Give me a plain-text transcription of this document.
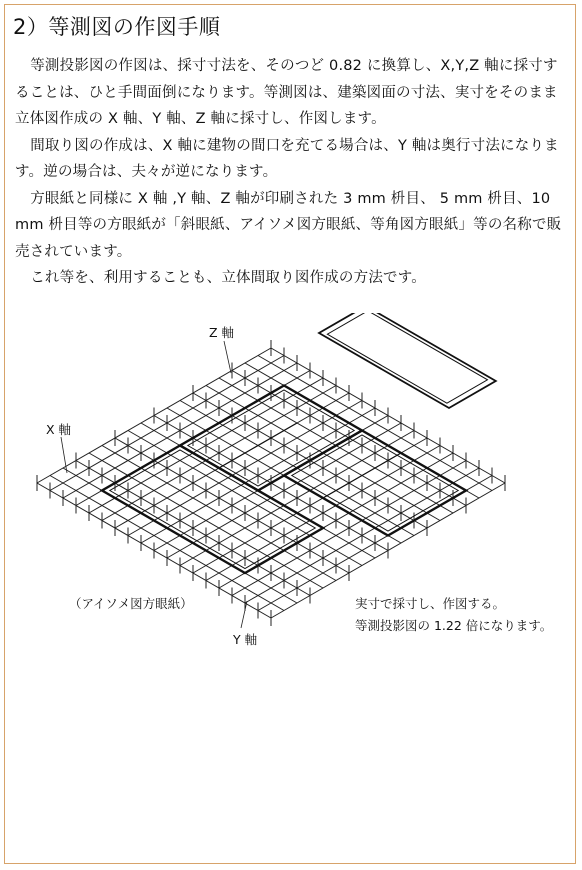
2）等測図の作図手順

等測投影図の作図は、採寸寸法を、そのつど 0.82 に換算し、X,Y,Z 軸に採寸することは、ひと手間面倒になります。等測図は、建築図面の寸法、実寸をそのまま立体図作成の X 軸、Y 軸、Z 軸に採寸し、作図します。

間取り図の作成は、X 軸に建物の間口を充てる場合は、Y 軸は奥行寸法になります。逆の場合は、夫々が逆になります。

方眼紙と同様に X 軸 ,Y 軸、Z 軸が印刷された 3 mm 枡目、 5 mm 枡目、10 mm 枡目等の方眼紙が「斜眼紙、アイソメ図方眼紙、等角図方眼紙」等の名称で販売されています。

これ等を、利用することも、立体間取り図作成の方法です。

Z 軸
X 軸
Y 軸
（アイソメ図方眼紙）	実寸で採寸し、作図する。
等測投影図の 1.22 倍になります。
